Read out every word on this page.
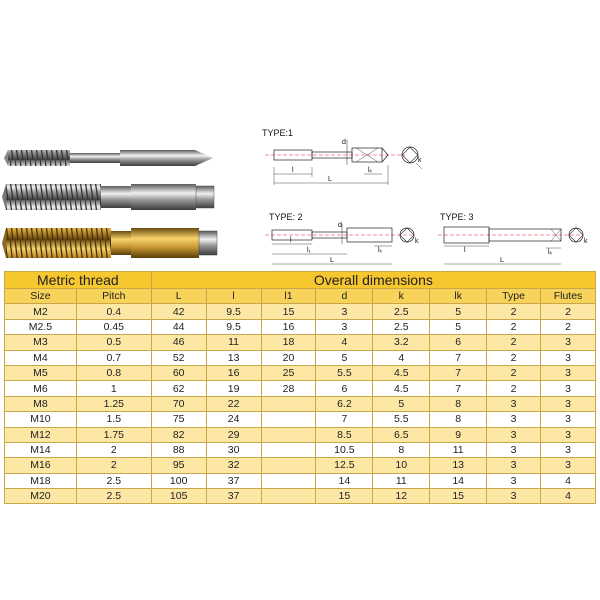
TYPE:1
d
l
L
lₖ
k
TYPE: 2
d
l
l₁
L
lₖ
k
TYPE: 3
l
L
lₖ
k
Metric thread		Overall dimensions							
Size	Pitch	L	l	l1	d	k	lk	Type	Flutes
M2	0.4	42	9.5	15	3	2.5	5	2	2
M2.5	0.45	44	9.5	16	3	2.5	5	2	2
M3	0.5	46	11	18	4	3.2	6	2	3
M4	0.7	52	13	20	5	4	7	2	3
M5	0.8	60	16	25	5.5	4.5	7	2	3
M6	1	62	19	28	6	4.5	7	2	3
M8	1.25	70	22		6.2	5	8	3	3
M10	1.5	75	24		7	5.5	8	3	3
M12	1.75	82	29		8.5	6.5	9	3	3
M14	2	88	30		10.5	8	11	3	3
M16	2	95	32		12.5	10	13	3	3
M18	2.5	100	37		14	11	14	3	4
M20	2.5	105	37		15	12	15	3	4
